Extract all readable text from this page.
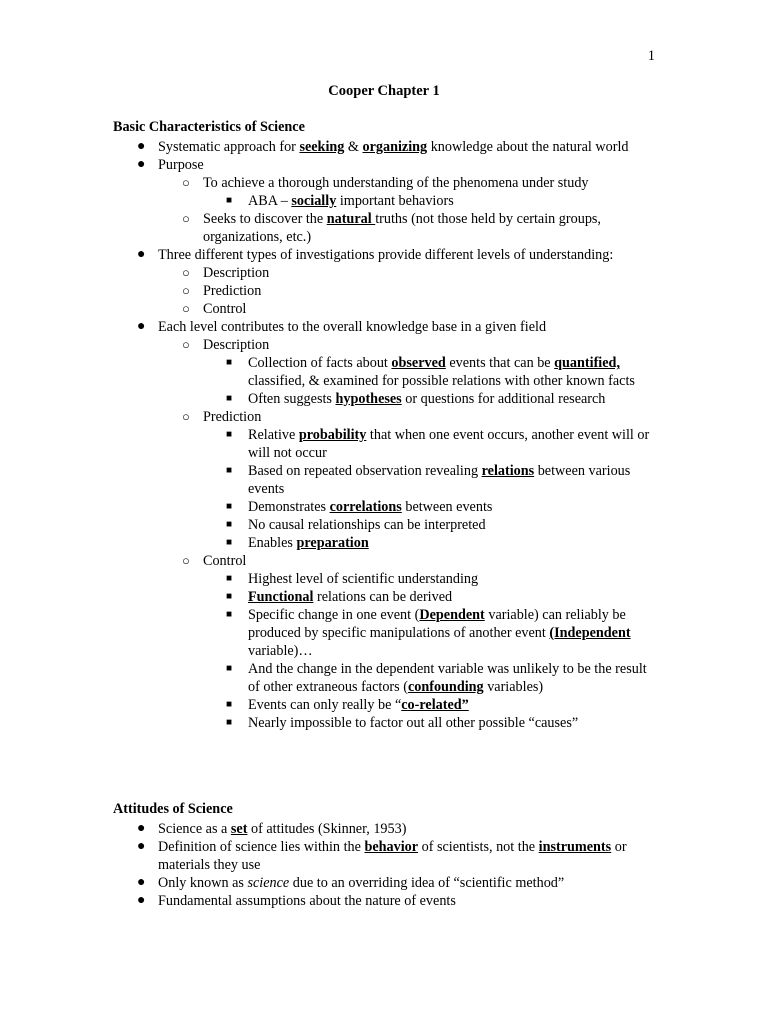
1
Cooper Chapter 1
Basic Characteristics of Science
● Systematic approach for seeking & organizing knowledge about the natural world
● Purpose
○ To achieve a thorough understanding of the phenomena under study
■ ABA – socially important behaviors
○ Seeks to discover the natural truths (not those held by certain groups, organizations, etc.)
● Three different types of investigations provide different levels of understanding:
○ Description
○ Prediction
○ Control
● Each level contributes to the overall knowledge base in a given field
○ Description
■ Collection of facts about observed events that can be quantified, classified, & examined for possible relations with other known facts
■ Often suggests hypotheses or questions for additional research
○ Prediction
■ Relative probability that when one event occurs, another event will or will not occur
■ Based on repeated observation revealing relations between various events
■ Demonstrates correlations between events
■ No causal relationships can be interpreted
■ Enables preparation
○ Control
■ Highest level of scientific understanding
■ Functional relations can be derived
■ Specific change in one event (Dependent variable) can reliably be produced by specific manipulations of another event (Independent variable)…
■ And the change in the dependent variable was unlikely to be the result of other extraneous factors (confounding variables)
■ Events can only really be “co-related”
■ Nearly impossible to factor out all other possible “causes”
Attitudes of Science
● Science as a set of attitudes (Skinner, 1953)
● Definition of science lies within the behavior of scientists, not the instruments or materials they use
● Only known as science due to an overriding idea of “scientific method”
● Fundamental assumptions about the nature of events
